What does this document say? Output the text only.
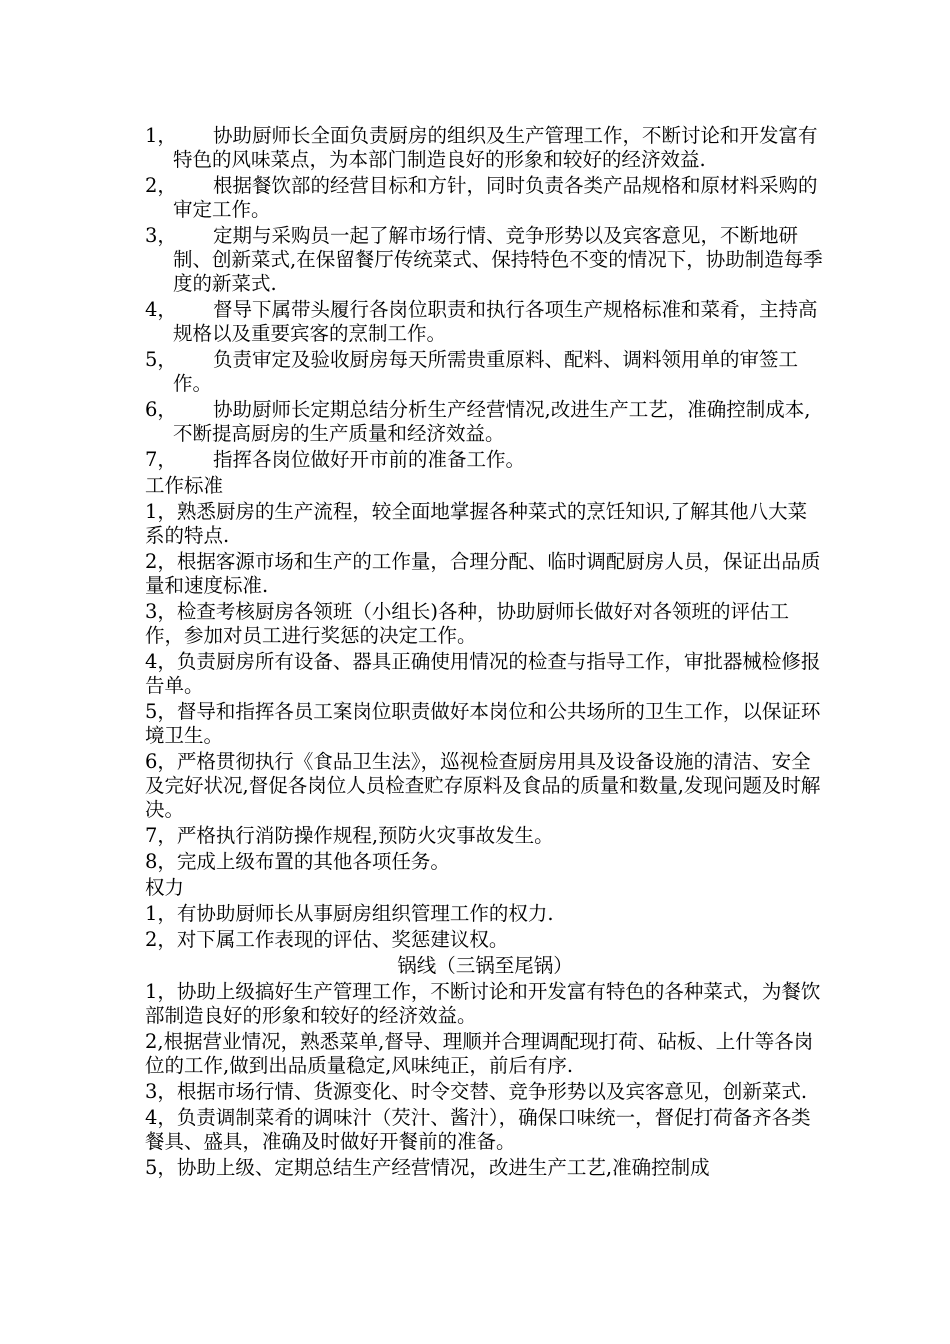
1，	协助厨师长全面负责厨房的组织及生产管理工作，不断讨论和开发富有特色的风味菜点，为本部门制造良好的形象和较好的经济效益.
2，	根据餐饮部的经营目标和方针，同时负责各类产品规格和原材料采购的审定工作。
3，	定期与采购员一起了解市场行情、竞争形势以及宾客意见，不断地研制、创新菜式,在保留餐厅传统菜式、保持特色不变的情况下，协助制造每季度的新菜式.
4，	督导下属带头履行各岗位职责和执行各项生产规格标准和菜肴，主持高规格以及重要宾客的烹制工作。
5，	负责审定及验收厨房每天所需贵重原料、配料、调料领用单的审签工作。
6，	协助厨师长定期总结分析生产经营情况,改进生产工艺，准确控制成本,不断提高厨房的生产质量和经济效益。
7，	指挥各岗位做好开市前的准备工作。
工作标准

1，熟悉厨房的生产流程，较全面地掌握各种菜式的烹饪知识,了解其他八大菜系的特点.

2，根据客源市场和生产的工作量，合理分配、临时调配厨房人员，保证出品质量和速度标准.

3，检查考核厨房各领班（小组长)各种，协助厨师长做好对各领班的评估工作，参加对员工进行奖惩的决定工作。

4，负责厨房所有设备、器具正确使用情况的检查与指导工作，审批器械检修报告单。

5，督导和指挥各员工案岗位职责做好本岗位和公共场所的卫生工作，以保证环境卫生。

6，严格贯彻执行《食品卫生法》，巡视检查厨房用具及设备设施的清洁、安全及完好状况,督促各岗位人员检查贮存原料及食品的质量和数量,发现问题及时解决。

7，严格执行消防操作规程,预防火灾事故发生。

8，完成上级布置的其他各项任务。

权力

1，有协助厨师长从事厨房组织管理工作的权力.

2，对下属工作表现的评估、奖惩建议权。

锅线（三锅至尾锅）

1，协助上级搞好生产管理工作，不断讨论和开发富有特色的各种菜式，为餐饮部制造良好的形象和较好的经济效益。

2,根据营业情况，熟悉菜单,督导、理顺并合理调配现打荷、砧板、上什等各岗位的工作,做到出品质量稳定,风味纯正，前后有序.

3，根据市场行情、货源变化、时令交替、竞争形势以及宾客意见，创新菜式.

4，负责调制菜肴的调味汁（芡汁、酱汁），确保口味统一，督促打荷备齐各类餐具、盛具，准确及时做好开餐前的准备。

5，协助上级、定期总结生产经营情况，改进生产工艺,准确控制成
